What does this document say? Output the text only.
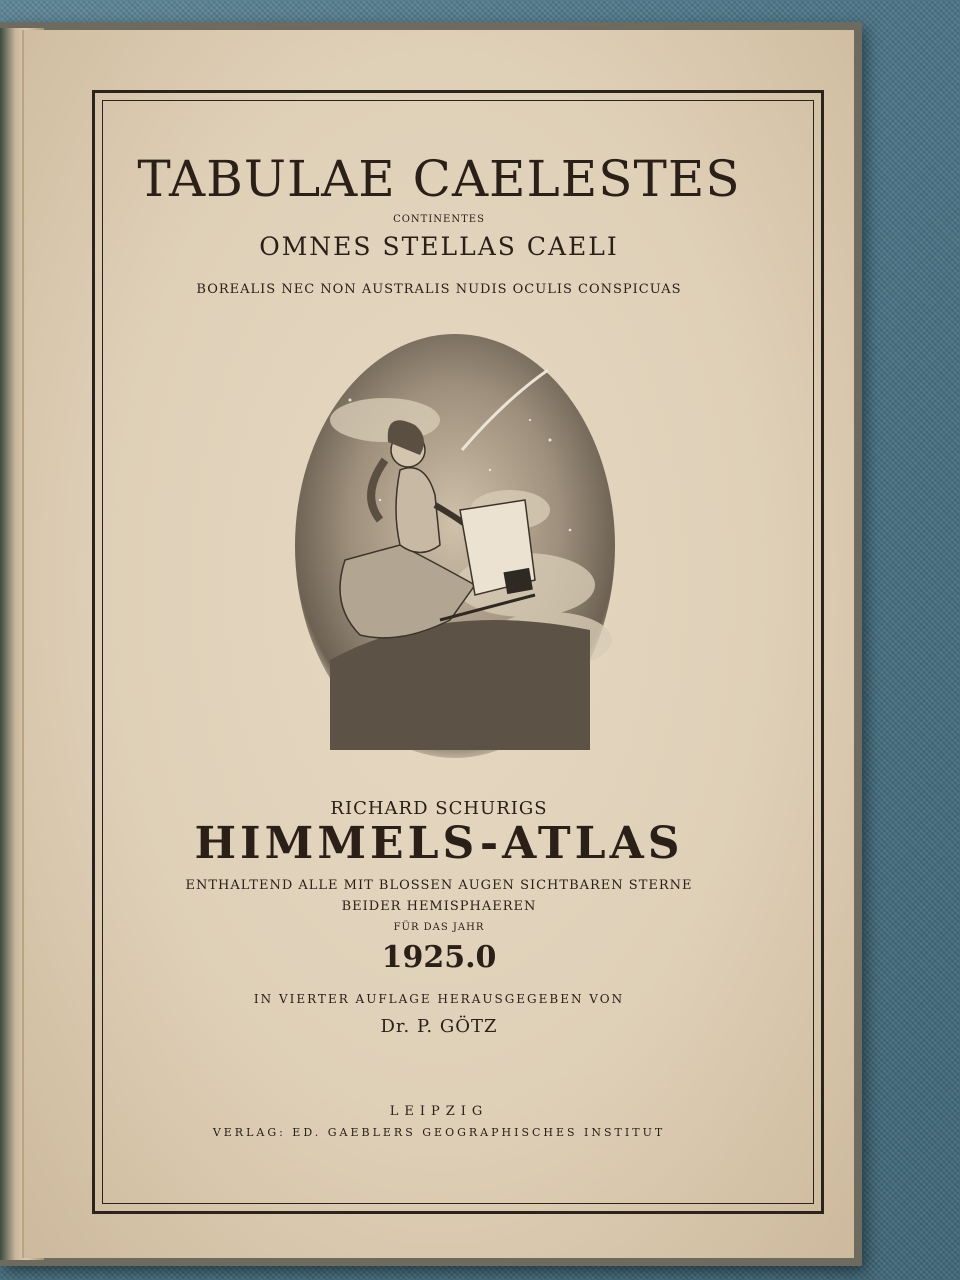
TABULAE CAELESTES
CONTINENTES
OMNES STELLAS CAELI
BOREALIS NEC NON AUSTRALIS NUDIS OCULIS CONSPICUAS
RICHARD SCHURIGS
HIMMELS-ATLAS
ENTHALTEND ALLE MIT BLOSSEN AUGEN SICHTBAREN STERNE
BEIDER HEMISPHAEREN
FÜR DAS JAHR
1925.0
IN VIERTER AUFLAGE HERAUSGEGEBEN VON
Dr. P. GÖTZ
LEIPZIG
VERLAG: ED. GAEBLERS GEOGRAPHISCHES INSTITUT
